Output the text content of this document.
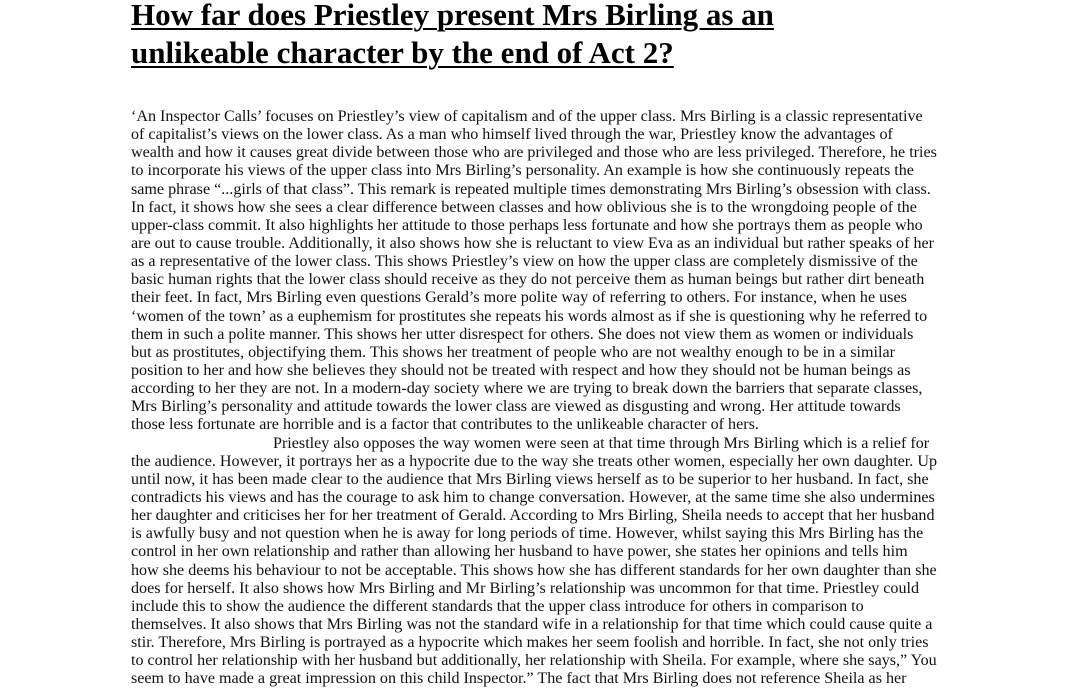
How far does Priestley present Mrs Birling as an
unlikeable character by the end of Act 2?
‘An Inspector Calls’ focuses on Priestley’s view of capitalism and of the upper class. Mrs Birling is a classic representative
of capitalist’s views on the lower class. As a man who himself lived through the war, Priestley know the advantages of
wealth and how it causes great divide between those who are privileged and those who are less privileged. Therefore, he tries
to incorporate his views of the upper class into Mrs Birling’s personality. An example is how she continuously repeats the
same phrase “...girls of that class”. This remark is repeated multiple times demonstrating Mrs Birling’s obsession with class.
In fact, it shows how she sees a clear difference between classes and how oblivious she is to the wrongdoing people of the
upper-class commit. It also highlights her attitude to those perhaps less fortunate and how she portrays them as people who
are out to cause trouble. Additionally, it also shows how she is reluctant to view Eva as an individual but rather speaks of her
as a representative of the lower class. This shows Priestley’s view on how the upper class are completely dismissive of the
basic human rights that the lower class should receive as they do not perceive them as human beings but rather dirt beneath
their feet. In fact, Mrs Birling even questions Gerald’s more polite way of referring to others. For instance, when he uses
‘women of the town’ as a euphemism for prostitutes she repeats his words almost as if she is questioning why he referred to
them in such a polite manner. This shows her utter disrespect for others. She does not view them as women or individuals
but as prostitutes, objectifying them. This shows her treatment of people who are not wealthy enough to be in a similar
position to her and how she believes they should not be treated with respect and how they should not be human beings as
according to her they are not. In a modern-day society where we are trying to break down the barriers that separate classes,
Mrs Birling’s personality and attitude towards the lower class are viewed as disgusting and wrong. Her attitude towards
those less fortunate are horrible and is a factor that contributes to the unlikeable character of hers.
Priestley also opposes the way women were seen at that time through Mrs Birling which is a relief for
the audience. However, it portrays her as a hypocrite due to the way she treats other women, especially her own daughter. Up
until now, it has been made clear to the audience that Mrs Birling views herself as to be superior to her husband. In fact, she
contradicts his views and has the courage to ask him to change conversation. However, at the same time she also undermines
her daughter and criticises her for her treatment of Gerald. According to Mrs Birling, Sheila needs to accept that her husband
is awfully busy and not question when he is away for long periods of time. However, whilst saying this Mrs Birling has the
control in her own relationship and rather than allowing her husband to have power, she states her opinions and tells him
how she deems his behaviour to not be acceptable. This shows how she has different standards for her own daughter than she
does for herself. It also shows how Mrs Birling and Mr Birling’s relationship was uncommon for that time. Priestley could
include this to show the audience the different standards that the upper class introduce for others in comparison to
themselves. It also shows that Mrs Birling was not the standard wife in a relationship for that time which could cause quite a
stir. Therefore, Mrs Birling is portrayed as a hypocrite which makes her seem foolish and horrible. In fact, she not only tries
to control her relationship with her husband but additionally, her relationship with Sheila. For example, where she says,” You
seem to have made a great impression on this child Inspector.” The fact that Mrs Birling does not reference Sheila as her
